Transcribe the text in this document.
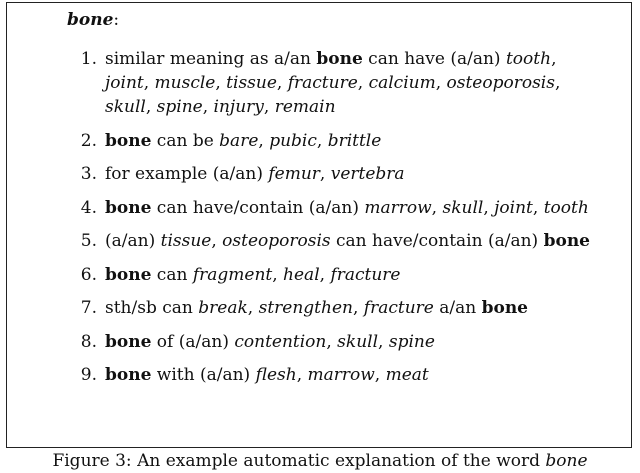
bone:
1. similar meaning as a/an bone can have (a/an) tooth, joint, muscle, tissue, fracture, calcium, osteoporosis, skull, spine, injury, remain
2. bone can be bare, pubic, brittle
3. for example (a/an) femur, vertebra
4. bone can have/contain (a/an) marrow, skull, joint, tooth
5. (a/an) tissue, osteoporosis can have/contain (a/an) bone
6. bone can fragment, heal, fracture
7. sth/sb can break, strengthen, fracture a/an bone
8. bone of (a/an) contention, skull, spine
9. bone with (a/an) flesh, marrow, meat
Figure 3: An example automatic explanation of the word bone
